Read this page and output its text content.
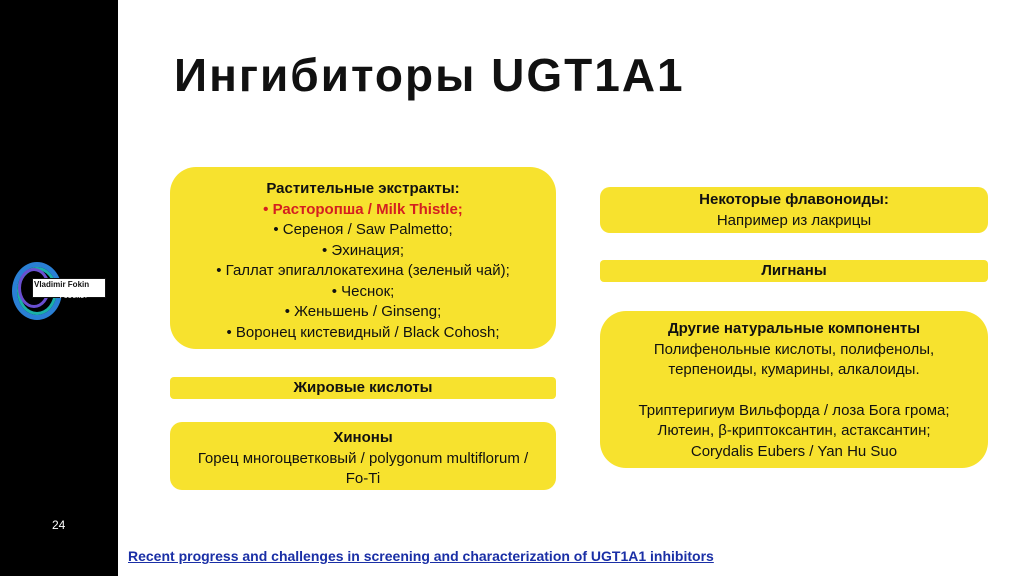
Vladimir Fokin
PODCAST
24
Ингибиторы UGT1A1
Растительные экстракты:
• Расторопша / Milk Thistle;
• Сереноя / Saw Palmetto;
• Эхинация;
• Галлат эпигаллокатехина (зеленый чай);
• Чеснок;
• Женьшень / Ginseng;
• Воронец кистевидный / Black Cohosh;
Жировые кислоты
Хиноны
Горец многоцветковый / polygonum multiflorum /
Fo-Ti
Некоторые флавоноиды:
Например из лакрицы
Лигнаны
Другие натуральные компоненты
Полифенольные кислоты, полифенолы,
терпеноиды, кумарины, алкалоиды.
Триптеригиум Вильфорда / лоза Бога грома;
Лютеин, β-криптоксантин, астаксантин;
Corydalis Eubers / Yan Hu Suo
Recent progress and challenges in screening and characterization of UGT1A1 inhibitors
